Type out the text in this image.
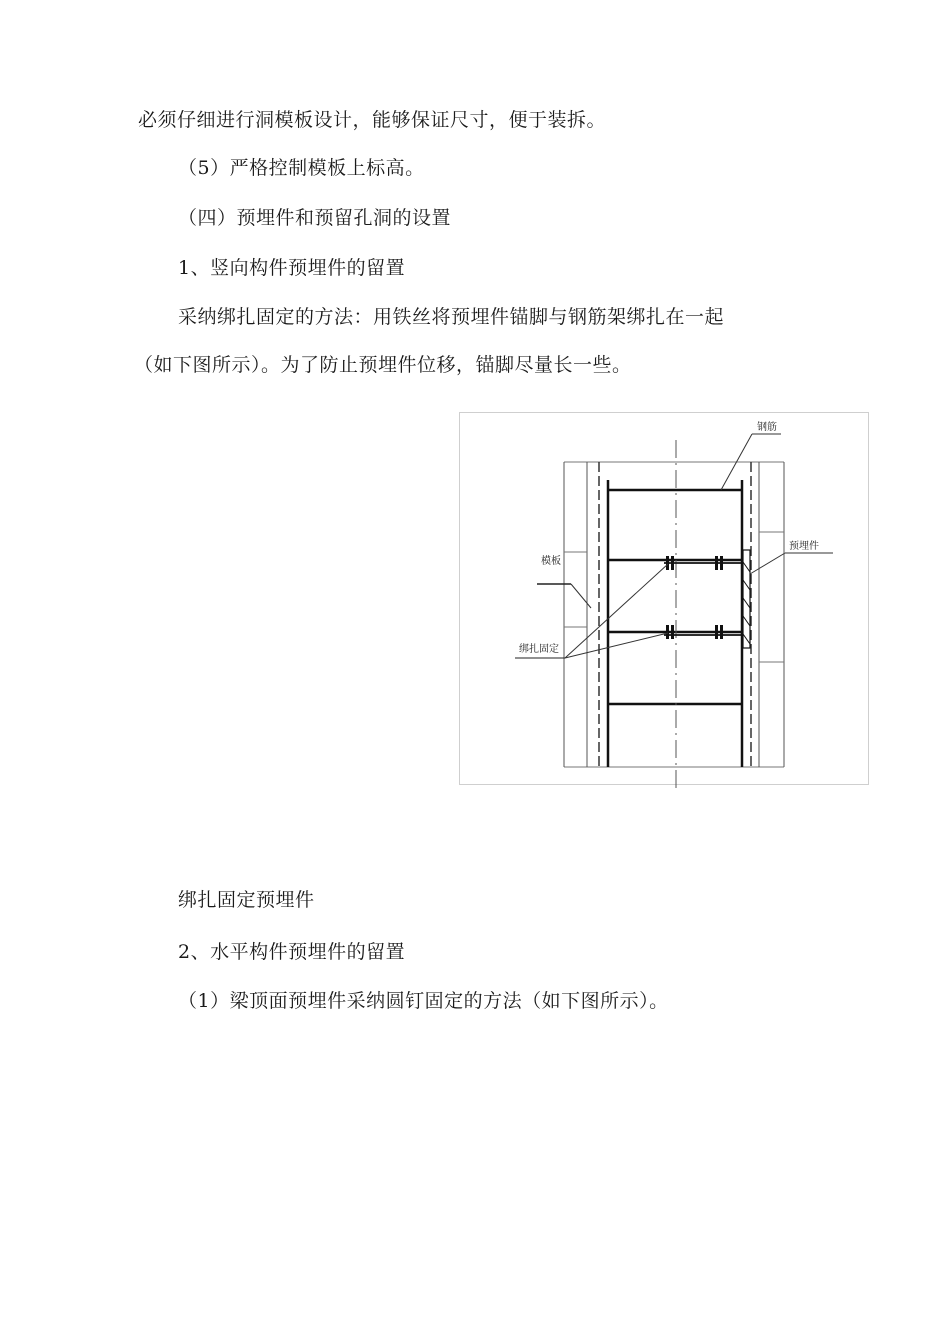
必须仔细进行洞模板设计，能够保证尺寸，便于装拆。
（5）严格控制模板上标高。
（四）预埋件和预留孔洞的设置
1、竖向构件预埋件的留置
采纳绑扎固定的方法：用铁丝将预埋件锚脚与钢筋架绑扎在一起
（如下图所示）。为了防止预埋件位移，锚脚尽量长一些。
钢筋
预埋件
模板
绑扎固定
绑扎固定预埋件
2、水平构件预埋件的留置
（1）梁顶面预埋件采纳圆钉固定的方法（如下图所示）。
